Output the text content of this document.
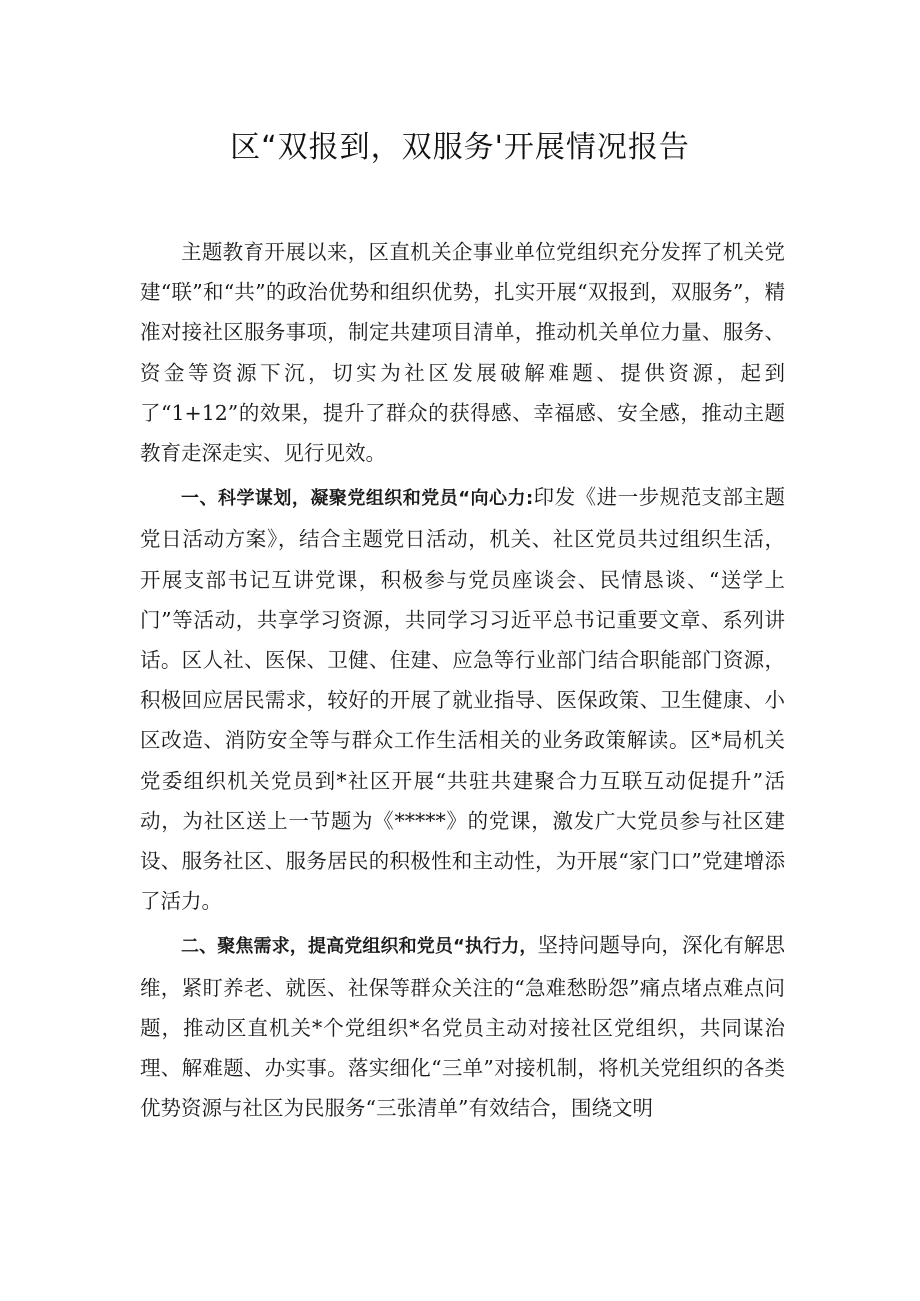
区“双报到，双服务'开展情况报告

主题教育开展以来，区直机关企事业单位党组织充分发挥了机关党建“联”和“共”的政治优势和组织优势，扎实开展“双报到，双服务”，精准对接社区服务事项，制定共建项目清单，推动机关单位力量、服务、资金等资源下沉，切实为社区发展破解难题、提供资源，起到了“1+12”的效果，提升了群众的获得感、幸福感、安全感，推动主题教育走深走实、见行见效。

一、科学谋划，凝聚党组织和党员“向心力:印发《进一步规范支部主题党日活动方案》，结合主题党日活动，机关、社区党员共过组织生活，开展支部书记互讲党课，积极参与党员座谈会、民情恳谈、“送学上门”等活动，共享学习资源，共同学习习近平总书记重要文章、系列讲话。区人社、医保、卫健、住建、应急等行业部门结合职能部门资源，积极回应居民需求，较好的开展了就业指导、医保政策、卫生健康、小区改造、消防安全等与群众工作生活相关的业务政策解读。区*局机关党委组织机关党员到*社区开展“共驻共建聚合力互联互动促提升”活动，为社区送上一节题为《*****》的党课，激发广大党员参与社区建设、服务社区、服务居民的积极性和主动性，为开展“家门口”党建增添了活力。

二、聚焦需求，提高党组织和党员“执行力，坚持问题导向，深化有解思维，紧盯养老、就医、社保等群众关注的“急难愁盼怨”痛点堵点难点问题，推动区直机关*个党组织*名党员主动对接社区党组织，共同谋治理、解难题、办实事。落实细化“三单”对接机制，将机关党组织的各类优势资源与社区为民服务“三张清单”有效结合，围绕文明
